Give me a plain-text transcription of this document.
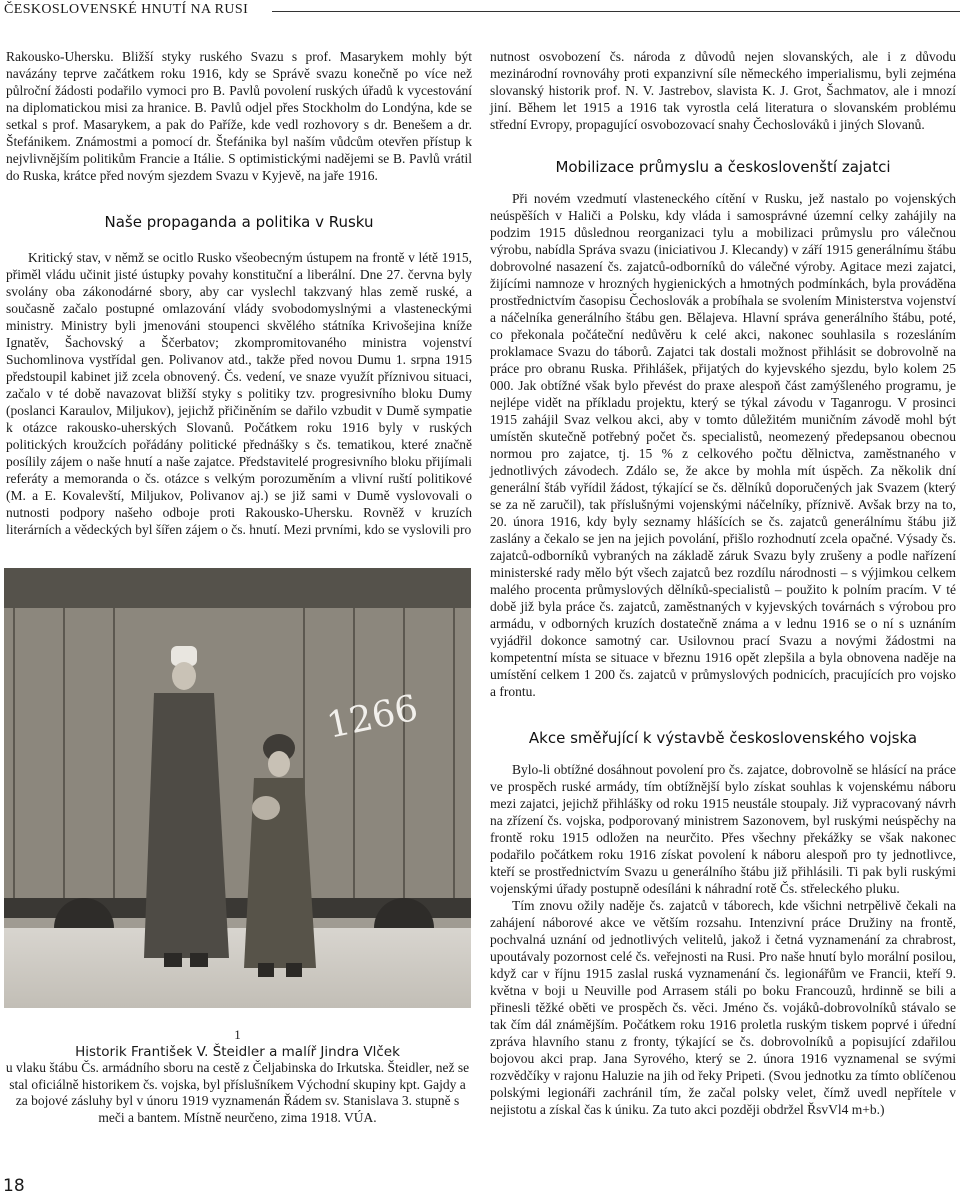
ČESKOSLOVENSKÉ HNUTÍ NA RUSI

Rakousko-Uhersku. Bližší styky ruského Svazu s prof. Masarykem mohly být navázány teprve začátkem roku 1916, kdy se Správě svazu konečně po více než půlroční žádosti podařilo vymoci pro B. Pavlů povolení ruských úřadů k vycestování na diplomatickou misi za hranice. B. Pavlů odjel přes Stockholm do Londýna, kde se setkal s prof. Masarykem, a pak do Paříže, kde vedl rozhovory s dr. Benešem a dr. Štefánikem. Známostmi a pomocí dr. Štefánika byl naším vůdcům otevřen přístup k nejvlivnějším politikům Francie a Itálie. S optimistickými nadějemi se B. Pavlů vrátil do Ruska, krátce před novým sjezdem Svazu v Kyjevě, na jaře 1916.

Naše propaganda a politika v Rusku

Kritický stav, v němž se ocitlo Rusko všeobecným ústupem na frontě v létě 1915, přiměl vládu učinit jisté ústupky povahy konstituční a liberální. Dne 27. června byly svolány oba zákonodárné sbory, aby car vyslechl takzvaný hlas země ruské, a současně začalo postupné omlazování vlády svobodomyslnými a vlasteneckými ministry. Ministry byli jmenováni stoupenci skvělého státníka Krivošejina kníže Ignatěv, Šachovský a Ščerbatov; zkompromitovaného ministra vojenství Suchomlinova vystřídal gen. Polivanov atd., takže před novou Dumu 1. srpna 1915 předstoupil kabinet již zcela obnovený. Čs. vedení, ve snaze využít příznivou situaci, začalo v té době navazovat bližší styky s politiky tzv. progresivního bloku Dumy (poslanci Karaulov, Miljukov), jejichž přičiněním se dařilo vzbudit v Dumě sympatie k otázce rakousko-uherských Slovanů. Počátkem roku 1916 byly v ruských politických kroužcích pořádány politické přednášky s čs. tematikou, které značně posílily zájem o naše hnutí a naše zajatce. Představitelé progresivního bloku přijímali referáty a memoranda o čs. otázce s velkým porozuměním a vlivní ruští politikové (M. a E. Kovalevští, Miljukov, Polivanov aj.) se již sami v Dumě vyslovovali o nutnosti podpory našeho odboje proti Rakousko-Uhersku. Rovněž v kruzích literárních a vědeckých byl šířen zájem o čs. hnutí. Mezi prvními, kdo se vyslovili pro

1266
1
Historik František V. Šteidler a malíř Jindra Vlček
u vlaku štábu Čs. armádního sboru na cestě z Čeljabinska do Irkutska. Šteidler, než se stal oficiálně historikem čs. vojska, byl příslušníkem Východní skupiny kpt. Gajdy a za bojové zásluhy byl v únoru 1919 vyznamenán Řádem sv. Stanislava 3. stupně s meči a bantem. Místně neurčeno, zima 1918. VÚA.

nutnost osvobození čs. národa z důvodů nejen slovanských, ale i z důvodu mezinárodní rovnováhy proti expanzivní síle německého imperialismu, byli zejména slovanský historik prof. N. V. Jastrebov, slavista K. J. Grot, Šachmatov, ale i mnozí jiní. Během let 1915 a 1916 tak vyrostla celá literatura o slovanském problému střední Evropy, propagující osvobozovací snahy Čechoslováků i jiných Slovanů.

Mobilizace průmyslu a českoslovenští zajatci

Při novém vzedmutí vlasteneckého cítění v Rusku, jež nastalo po vojenských neúspěších v Haliči a Polsku, kdy vláda i samosprávné územní celky zahájily na podzim 1915 důslednou reorganizaci tylu a mobilizaci průmyslu pro válečnou výrobu, nabídla Správa svazu (iniciativou J. Klecandy) v září 1915 generálnímu štábu dobrovolné nasazení čs. zajatců-odborníků do válečné výroby. Agitace mezi zajatci, žijícími namnoze v hrozných hygienických a hmotných podmínkách, byla prováděna prostřednictvím časopisu Čechoslovák a probíhala se svolením Ministerstva vojenství a náčelníka generálního štábu gen. Bělajeva. Hlavní správa generálního štábu, poté, co překonala počáteční nedůvěru k celé akci, nakonec souhlasila s rozesláním proklamace Svazu do táborů. Zajatci tak dostali možnost přihlásit se dobrovolně na práce pro obranu Ruska. Přihlášek, přijatých do kyjevského sjezdu, bylo kolem 25 000. Jak obtížné však bylo převést do praxe alespoň část zamýšleného programu, je nejlépe vidět na příkladu projektu, který se týkal závodu v Taganrogu. V prosinci 1915 zahájil Svaz velkou akci, aby v tomto důležitém muničním závodě mohl být umístěn skutečně potřebný počet čs. specialistů, neomezený předepsanou obecnou normou pro zajatce, tj. 15 % z celkového počtu dělnictva, zaměstnaného v jednotlivých závodech. Zdálo se, že akce by mohla mít úspěch. Za několik dní generální štáb vyřídil žádost, týkající se čs. dělníků doporučených jak Svazem (který se za ně zaručil), tak příslušnými vojenskými náčelníky, příznivě. Avšak brzy na to, 20. února 1916, kdy byly seznamy hlášících se čs. zajatců generálnímu štábu již zaslány a čekalo se jen na jejich povolání, přišlo rozhodnutí zcela opačné. Výsady čs. zajatců-odborníků vybraných na základě záruk Svazu byly zrušeny a podle nařízení ministerské rady mělo být všech zajatců bez rozdílu národnosti – s výjimkou celkem malého procenta průmyslových dělníků-specialistů – použito k polním pracím. V té době již byla práce čs. zajatců, zaměstnaných v kyjevských továrnách s výrobou pro armádu, v odborných kruzích dostatečně známa a v lednu 1916 se o ní s uznáním vyjádřil dokonce samotný car. Usilovnou prací Svazu a novými žádostmi na kompetentní místa se situace v březnu 1916 opět zlepšila a byla obnovena naděje na umístění celkem 1 200 čs. zajatců v průmyslových podnicích, pracujících pro vojsko a frontu.

Akce směřující k výstavbě československého vojska

Bylo-li obtížné dosáhnout povolení pro čs. zajatce, dobrovolně se hlásící na práce ve prospěch ruské armády, tím obtížnější bylo získat souhlas k vojenskému náboru mezi zajatci, jejichž přihlášky od roku 1915 neustále stoupaly. Již vypracovaný návrh na zřízení čs. vojska, podporovaný ministrem Sazonovem, byl ruskými neúspěchy na frontě roku 1915 odložen na neurčito. Přes všechny překážky se však nakonec podařilo počátkem roku 1916 získat povolení k náboru alespoň pro ty jednotlivce, kteří se prostřednictvím Svazu u generálního štábu již přihlásili. Ti pak byli ruskými vojenskými úřady postupně odesíláni k náhradní rotě Čs. střeleckého pluku.

Tím znovu ožily naděje čs. zajatců v táborech, kde všichni netrpělivě čekali na zahájení náborové akce ve větším rozsahu. Intenzivní práce Družiny na frontě, pochvalná uznání od jednotlivých velitelů, jakož i četná vyznamenání za chrabrost, upoutávaly pozornost celé čs. veřejnosti na Rusi. Pro naše hnutí bylo morální posilou, když car v říjnu 1915 zaslal ruská vyznamenání čs. legionářům ve Francii, kteří 9. května v boji u Neuville pod Arrasem stáli po boku Francouzů, hrdinně se bili a přinesli těžké oběti ve prospěch čs. věci. Jméno čs. vojáků-dobrovolníků stávalo se tak čím dál známějším. Počátkem roku 1916 proletla ruským tiskem poprvé i úřední zpráva hlavního stanu z fronty, týkající se čs. dobrovolníků a popisující zdařilou bojovou akci prap. Jana Syrového, který se 2. února 1916 vyznamenal se svými rozvědčíky v rajonu Haluzie na jih od řeky Pripeti. (Svou jednotku za tímto oblíčenou polskými legionáři zachránil tím, že začal polsky velet, čímž uvedl nepřítele v nejistotu a získal čas k úniku. Za tuto akci později obdržel ŘsvVl4 m+b.)

18
